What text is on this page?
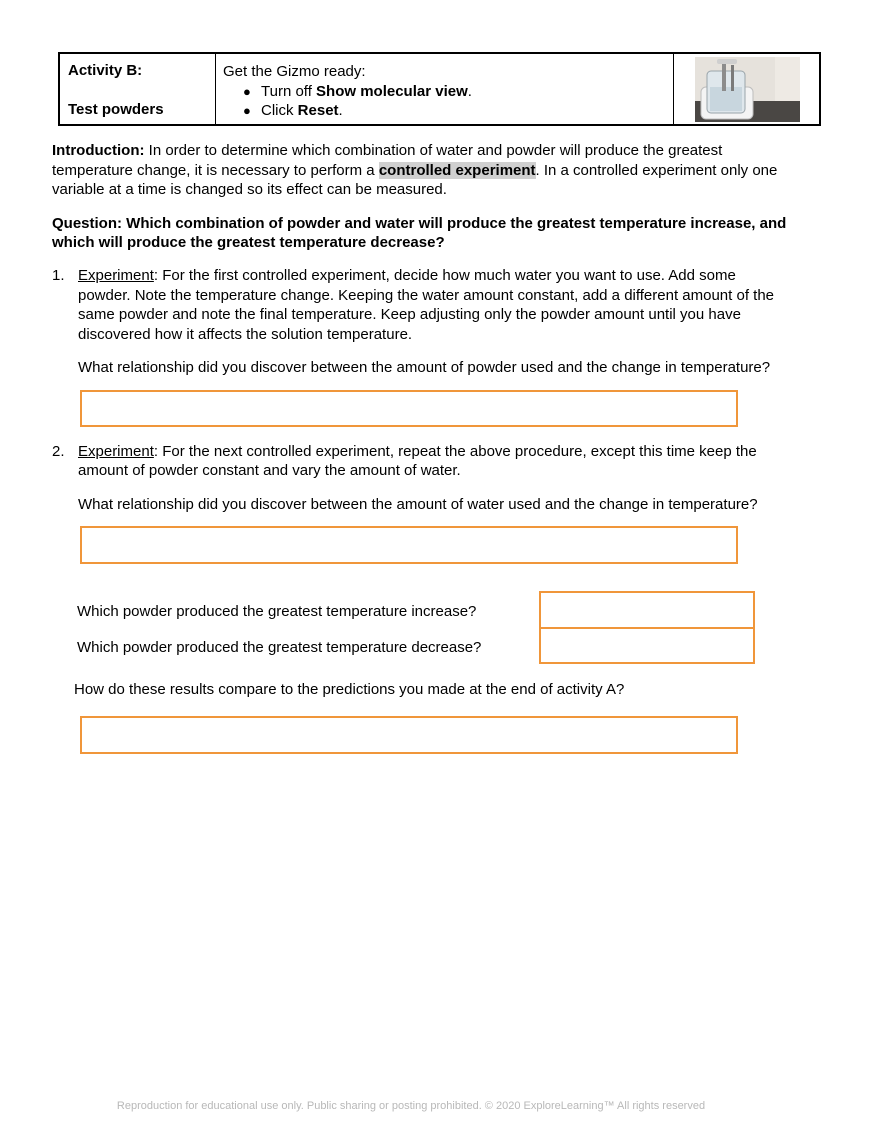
Activity B:
Test powders
Get the Gizmo ready:
● Turn off Show molecular view.
● Click Reset.
Introduction: In order to determine which combination of water and powder will produce the greatest
temperature change, it is necessary to perform a controlled experiment. In a controlled experiment only one
variable at a time is changed so its effect can be measured.
Question: Which combination of powder and water will produce the greatest temperature increase, and
which will produce the greatest temperature decrease?
1. Experiment: For the first controlled experiment, decide how much water you want to use. Add some
powder. Note the temperature change. Keeping the water amount constant, add a different amount of the
same powder and note the final temperature. Keep adjusting only the powder amount until you have
discovered how it affects the solution temperature.
What relationship did you discover between the amount of powder used and the change in temperature?
2. Experiment: For the next controlled experiment, repeat the above procedure, except this time keep the
amount of powder constant and vary the amount of water.
What relationship did you discover between the amount of water used and the change in temperature?
Which powder produced the greatest temperature increase?
Which powder produced the greatest temperature decrease?
How do these results compare to the predictions you made at the end of activity A?
Reproduction for educational use only. Public sharing or posting prohibited. © 2020 ExploreLearning™ All rights reserved
